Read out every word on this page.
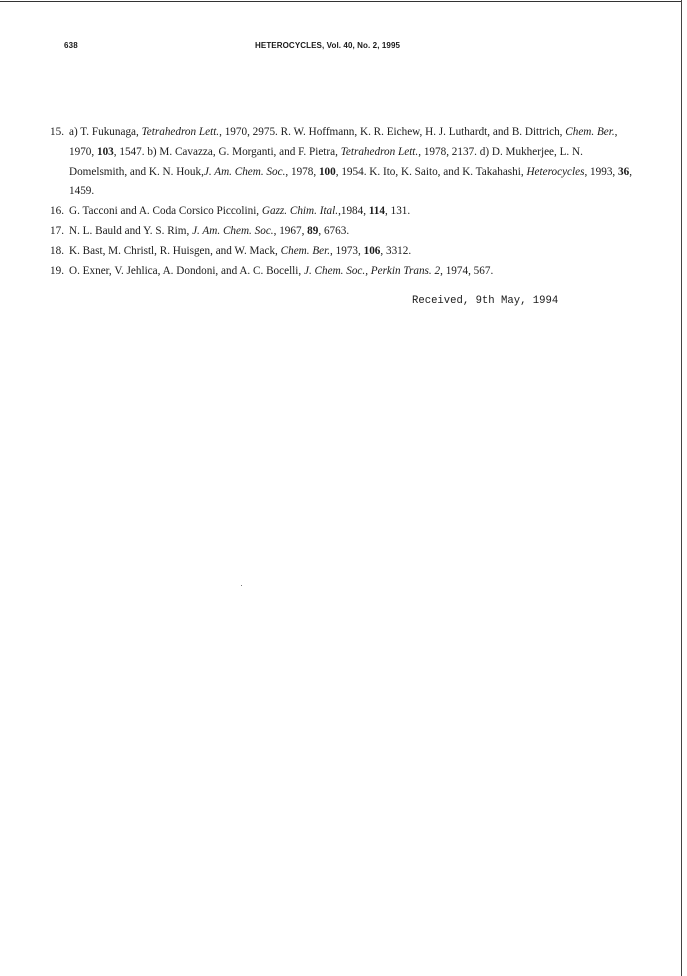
638	HETEROCYCLES, Vol. 40, No. 2, 1995
15. a) T. Fukunaga, Tetrahedron Lett., 1970, 2975. R. W. Hoffmann, K. R. Eichew, H. J. Luthardt, and B. Dittrich, Chem. Ber., 1970, 103, 1547. b) M. Cavazza, G. Morganti, and F. Pietra, Tetrahedron Lett., 1978, 2137. d) D. Mukherjee, L. N. Domelsmith, and K. N. Houk,J. Am. Chem. Soc., 1978, 100, 1954. K. Ito, K. Saito, and K. Takahashi, Heterocycles, 1993, 36, 1459.
16. G. Tacconi and A. Coda Corsico Piccolini, Gazz. Chim. Ital.,1984, 114, 131.
17. N. L. Bauld and Y. S. Rim, J. Am. Chem. Soc., 1967, 89, 6763.
18. K. Bast, M. Christl, R. Huisgen, and W. Mack, Chem. Ber., 1973, 106, 3312.
19. O. Exner, V. Jehlica, A. Dondoni, and A. C. Bocelli, J. Chem. Soc., Perkin Trans. 2, 1974, 567.
Received, 9th May, 1994
